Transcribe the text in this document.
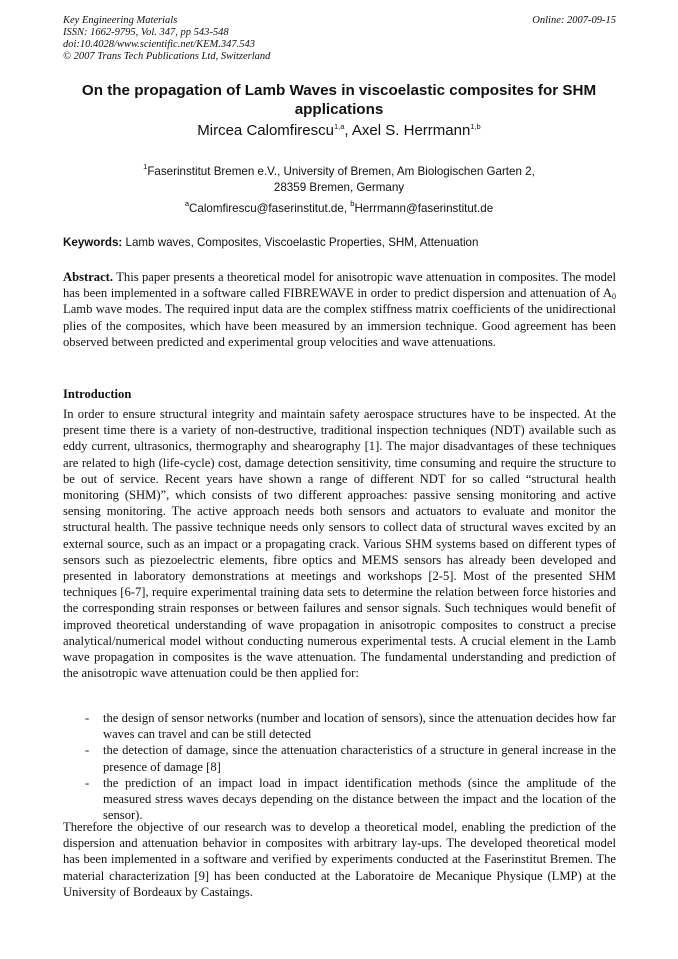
Key Engineering Materials
ISSN: 1662-9795, Vol. 347, pp 543-548
doi:10.4028/www.scientific.net/KEM.347.543
© 2007 Trans Tech Publications Ltd, Switzerland
Online: 2007-09-15
On the propagation of Lamb Waves in viscoelastic composites for SHM applications
Mircea Calomfirescu$^{1,a}$, Axel S. Herrmann$^{1,b}$
$^1$Faserinstitut Bremen e.V., University of Bremen, Am Biologischen Garten 2,
28359 Bremen, Germany
$^a$Calomfirescu@faserinstitut.de, $^b$Herrmann@faserinstitut.de
Keywords: Lamb waves, Composites, Viscoelastic Properties, SHM, Attenuation
Abstract. This paper presents a theoretical model for anisotropic wave attenuation in composites. The model has been implemented in a software called FIBREWAVE in order to predict dispersion and attenuation of $A_0$ Lamb wave modes. The required input data are the complex stiffness matrix coefficients of the unidirectional plies of the composites, which have been measured by an immersion technique. Good agreement has been observed between predicted and experimental group velocities and wave attenuations.
Introduction
In order to ensure structural integrity and maintain safety aerospace structures have to be inspected. At the present time there is a variety of non-destructive, traditional inspection techniques (NDT) available such as eddy current, ultrasonics, thermography and shearography [1]. The major disadvantages of these techniques are related to high (life-cycle) cost, damage detection sensitivity, time consuming and require the structure to be out of service. Recent years have shown a range of different NDT for so called “structural health monitoring (SHM)”, which consists of two different approaches: passive sensing monitoring and active sensing monitoring. The active approach needs both sensors and actuators to evaluate and monitor the structural health. The passive technique needs only sensors to collect data of structural waves excited by an external source, such as an impact or a propagating crack. Various SHM systems based on different types of sensors such as piezoelectric elements, fibre optics and MEMS sensors has already been developed and presented in laboratory demonstrations at meetings and workshops [2-5]. Most of the presented SHM techniques [6-7], require experimental training data sets to determine the relation between force histories and the corresponding strain responses or between failures and sensor signals. Such techniques would benefit of improved theoretical understanding of wave propagation in anisotropic composites to construct a precise analytical/numerical model without conducting numerous experimental tests. A crucial element in the Lamb wave propagation in composites is the wave attenuation. The fundamental understanding and prediction of the anisotropic wave attenuation could be then applied for:
- the design of sensor networks (number and location of sensors), since the attenuation decides how far waves can travel and can be still detected
- the detection of damage, since the attenuation characteristics of a structure in general increase in the presence of damage [8]
- the prediction of an impact load in impact identification methods (since the amplitude of the measured stress waves decays depending on the distance between the impact and the location of the sensor).
Therefore the objective of our research was to develop a theoretical model, enabling the prediction of the dispersion and attenuation behavior in composites with arbitrary lay-ups. The developed theoretical model has been implemented in a software and verified by experiments conducted at the Faserinstitut Bremen. The material characterization [9] has been conducted at the Laboratoire de Mecanique Physique (LMP) at the University of Bordeaux by Castaings.
